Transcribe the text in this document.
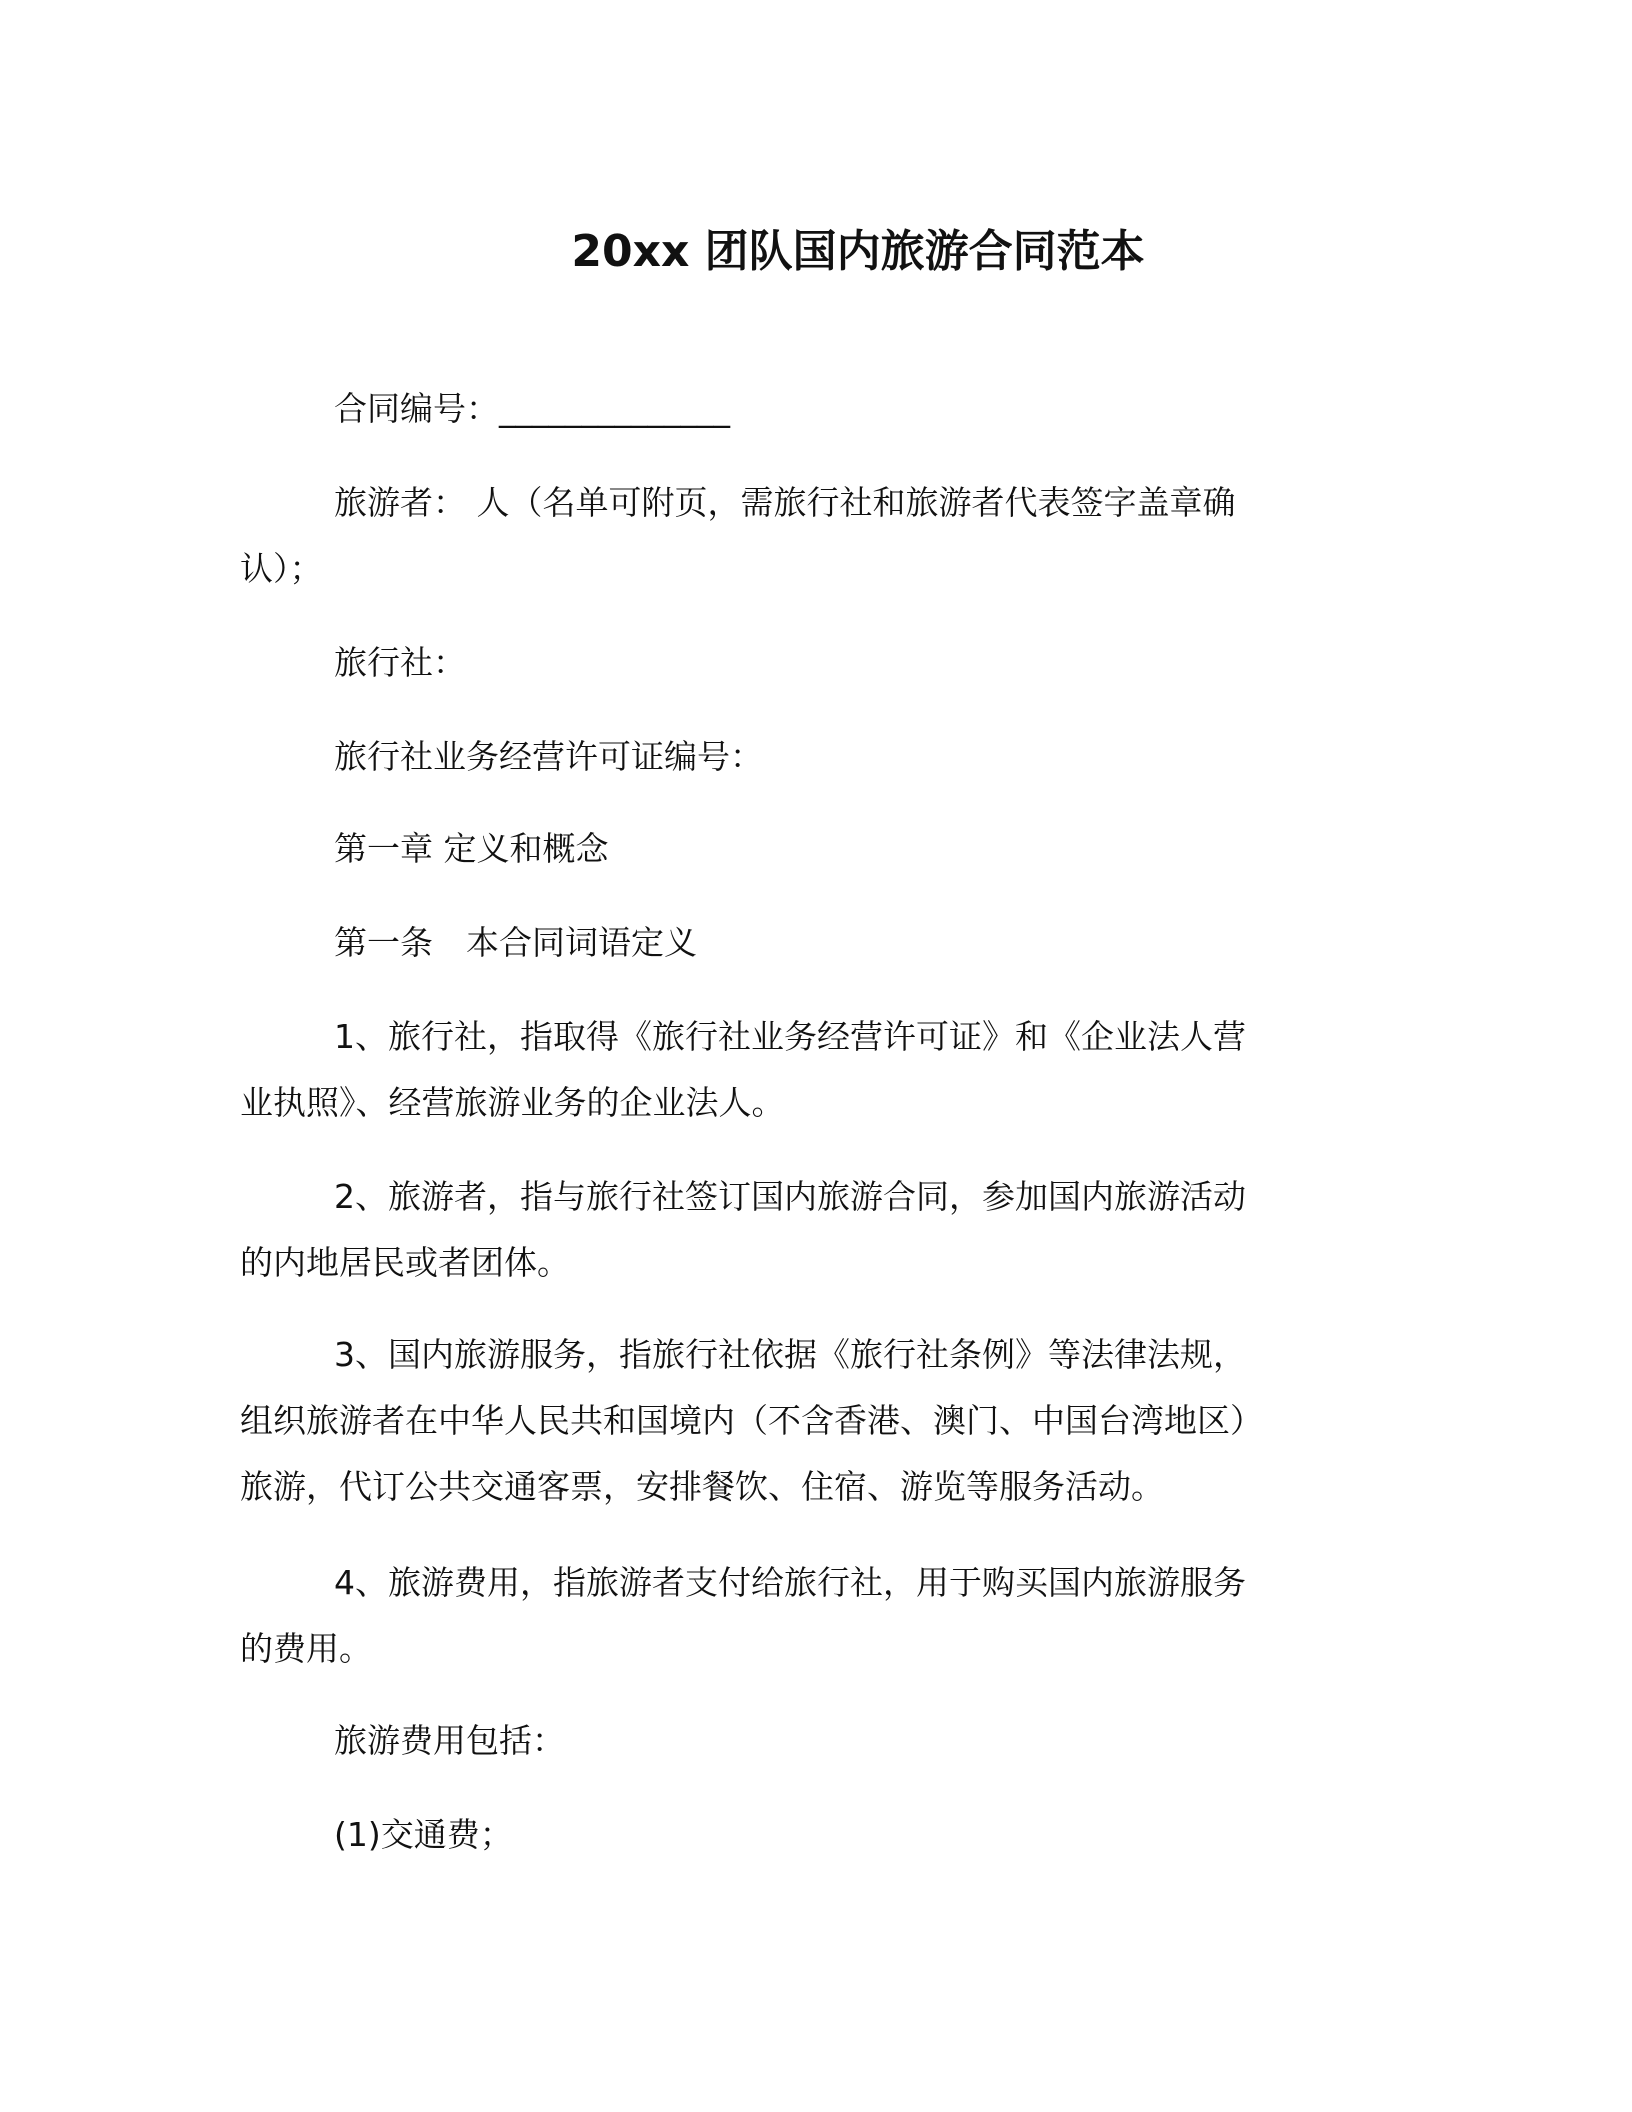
20xx 团队国内旅游合同范本

合同编号：______________

旅游者： 人（名单可附页，需旅行社和旅游者代表签字盖章确

认）；

旅行社：

旅行社业务经营许可证编号：

第一章 定义和概念

第一条　本合同词语定义

1、旅行社，指取得《旅行社业务经营许可证》和《企业法人营

业执照》、经营旅游业务的企业法人。

2、旅游者，指与旅行社签订国内旅游合同，参加国内旅游活动

的内地居民或者团体。

3、国内旅游服务，指旅行社依据《旅行社条例》等法律法规，

组织旅游者在中华人民共和国境内（不含香港、澳门、中国台湾地区）

旅游，代订公共交通客票，安排餐饮、住宿、游览等服务活动。

4、旅游费用，指旅游者支付给旅行社，用于购买国内旅游服务

的费用。

旅游费用包括：

(1)交通费；
